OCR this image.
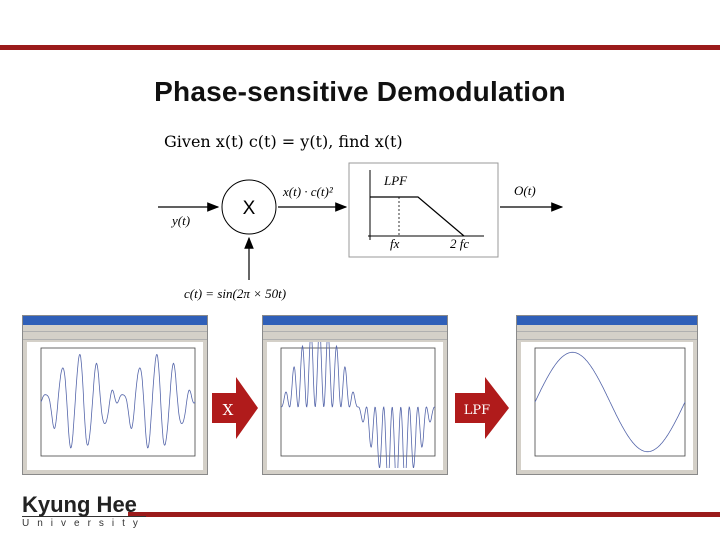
Phase-sensitive Demodulation
Given x(t) c(t) = y(t), find x(t)
y(t)
X
c(t) = sin(2π × 50t)
x(t) · c(t)²
LPF
fx	2 fc
O(t)
X	LPF
Kyung Hee
University
